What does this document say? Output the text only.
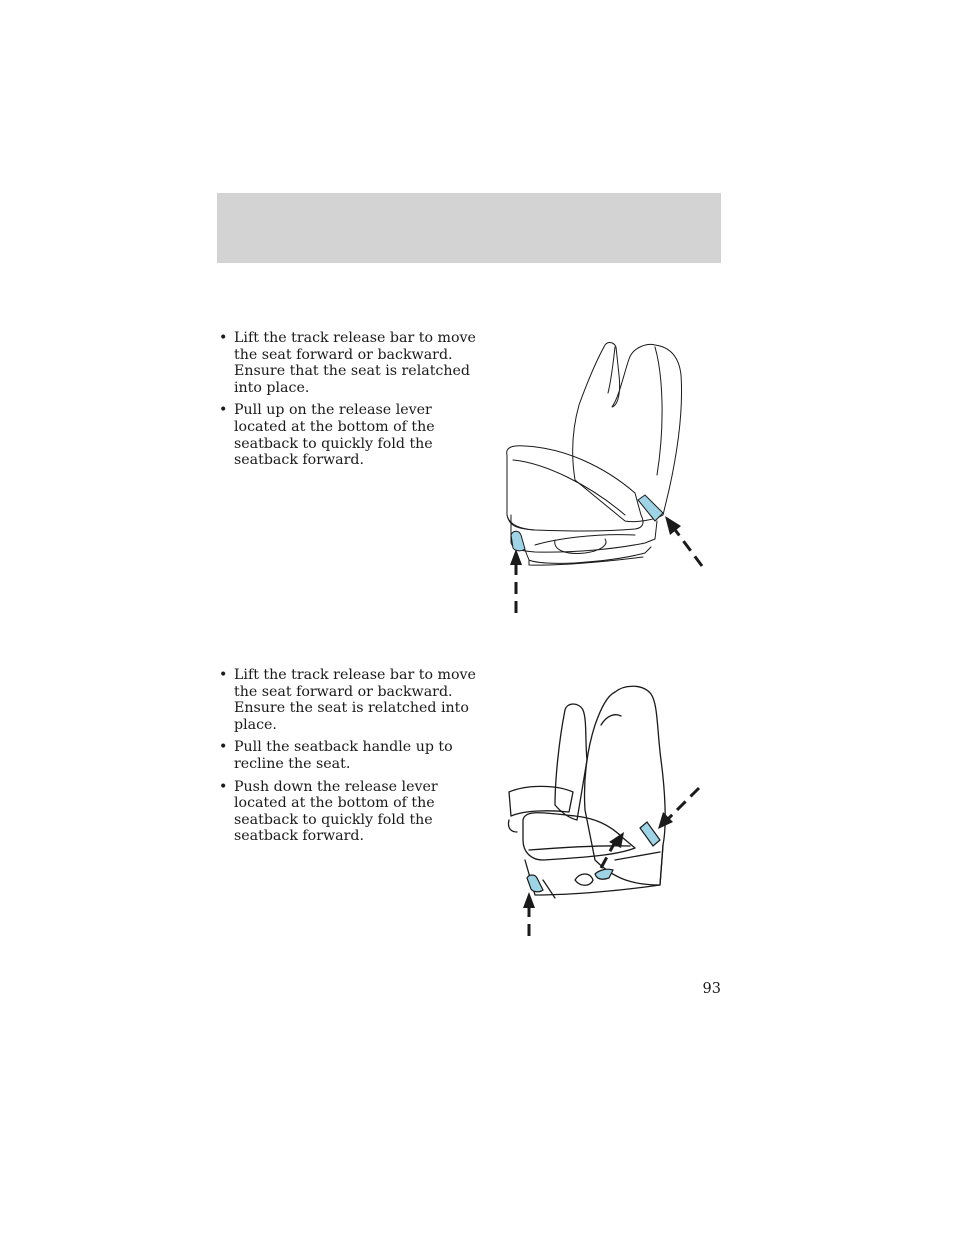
• Lift the track release bar to move the seat forward or backward. Ensure that the seat is relatched into place.
• Pull up on the release lever located at the bottom of the seatback to quickly fold the seatback forward.
• Lift the track release bar to move the seat forward or backward. Ensure the seat is relatched into place.
• Pull the seatback handle up to recline the seat.
• Push down the release lever located at the bottom of the seatback to quickly fold the seatback forward.
93
